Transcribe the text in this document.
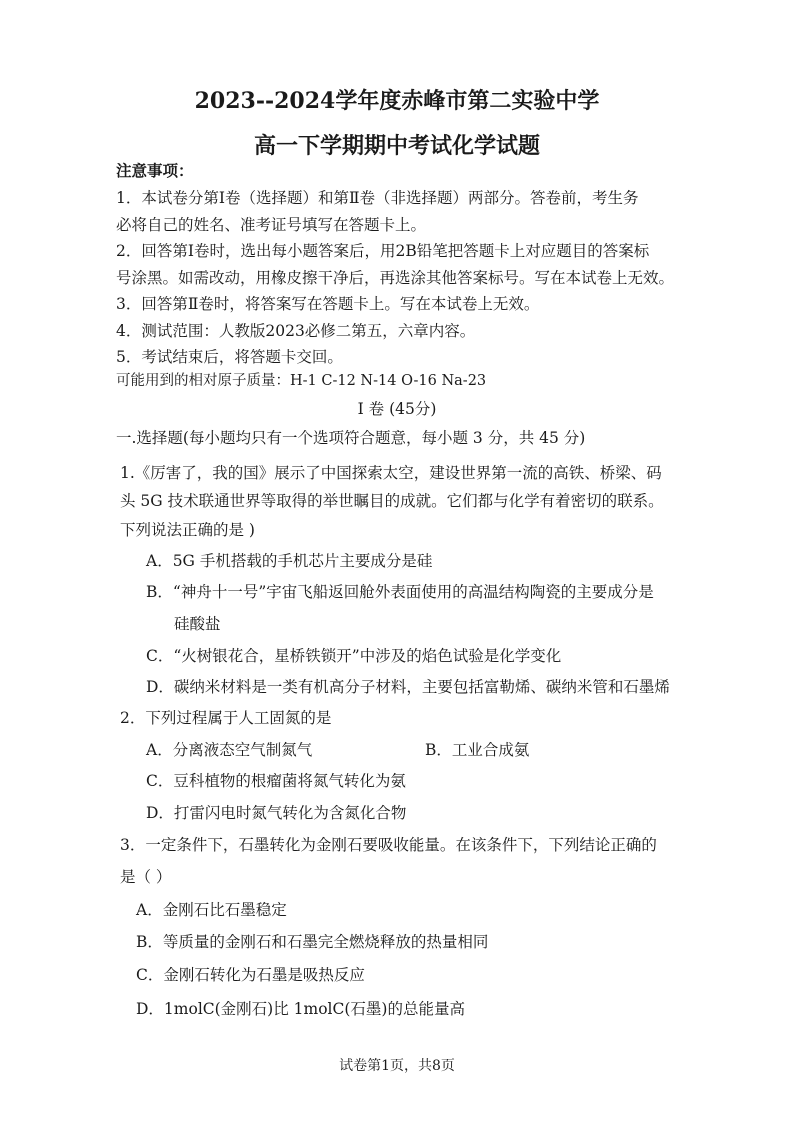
2023--2024学年度赤峰市第二实验中学
高一下学期期中考试化学试题
注意事项：
1．本试卷分第Ⅰ卷（选择题）和第Ⅱ卷（非选择题）两部分。答卷前，考生务
必将自己的姓名、准考证号填写在答题卡上。
2．回答第Ⅰ卷时，选出每小题答案后，用2B铅笔把答题卡上对应题目的答案标
号涂黑。如需改动，用橡皮擦干净后，再选涂其他答案标号。写在本试卷上无效。
3．回答第Ⅱ卷时，将答案写在答题卡上。写在本试卷上无效。
4．测试范围：人教版2023必修二第五，六章内容。
5．考试结束后，将答题卡交回。
可能用到的相对原子质量：H-1 C-12 N-14 O-16 Na-23
Ⅰ 卷 (45分)
一.选择题(每小题均只有一个选项符合题意，每小题 3 分，共 45 分)
1.《厉害了，我的国》展示了中国探索太空，建设世界第一流的高铁、桥梁、码
头 5G 技术联通世界等取得的举世瞩目的成就。它们都与化学有着密切的联系。
下列说法正确的是 )
A．5G 手机搭载的手机芯片主要成分是硅
B．“神舟十一号”宇宙飞船返回舱外表面使用的高温结构陶瓷的主要成分是
硅酸盐
C．“火树银花合，星桥铁锁开”中涉及的焰色试验是化学变化
D．碳纳米材料是一类有机高分子材料，主要包括富勒烯、碳纳米管和石墨烯
2．下列过程属于人工固氮的是
A．分离液态空气制氮气	B．工业合成氨
C．豆科植物的根瘤菌将氮气转化为氨
D．打雷闪电时氮气转化为含氮化合物
3．一定条件下，石墨转化为金刚石要吸收能量。在该条件下，下列结论正确的
是（ ）
A．金刚石比石墨稳定
B．等质量的金刚石和石墨完全燃烧释放的热量相同
C．金刚石转化为石墨是吸热反应
D．1molC(金刚石)比 1molC(石墨)的总能量高
试卷第1页，共8页
